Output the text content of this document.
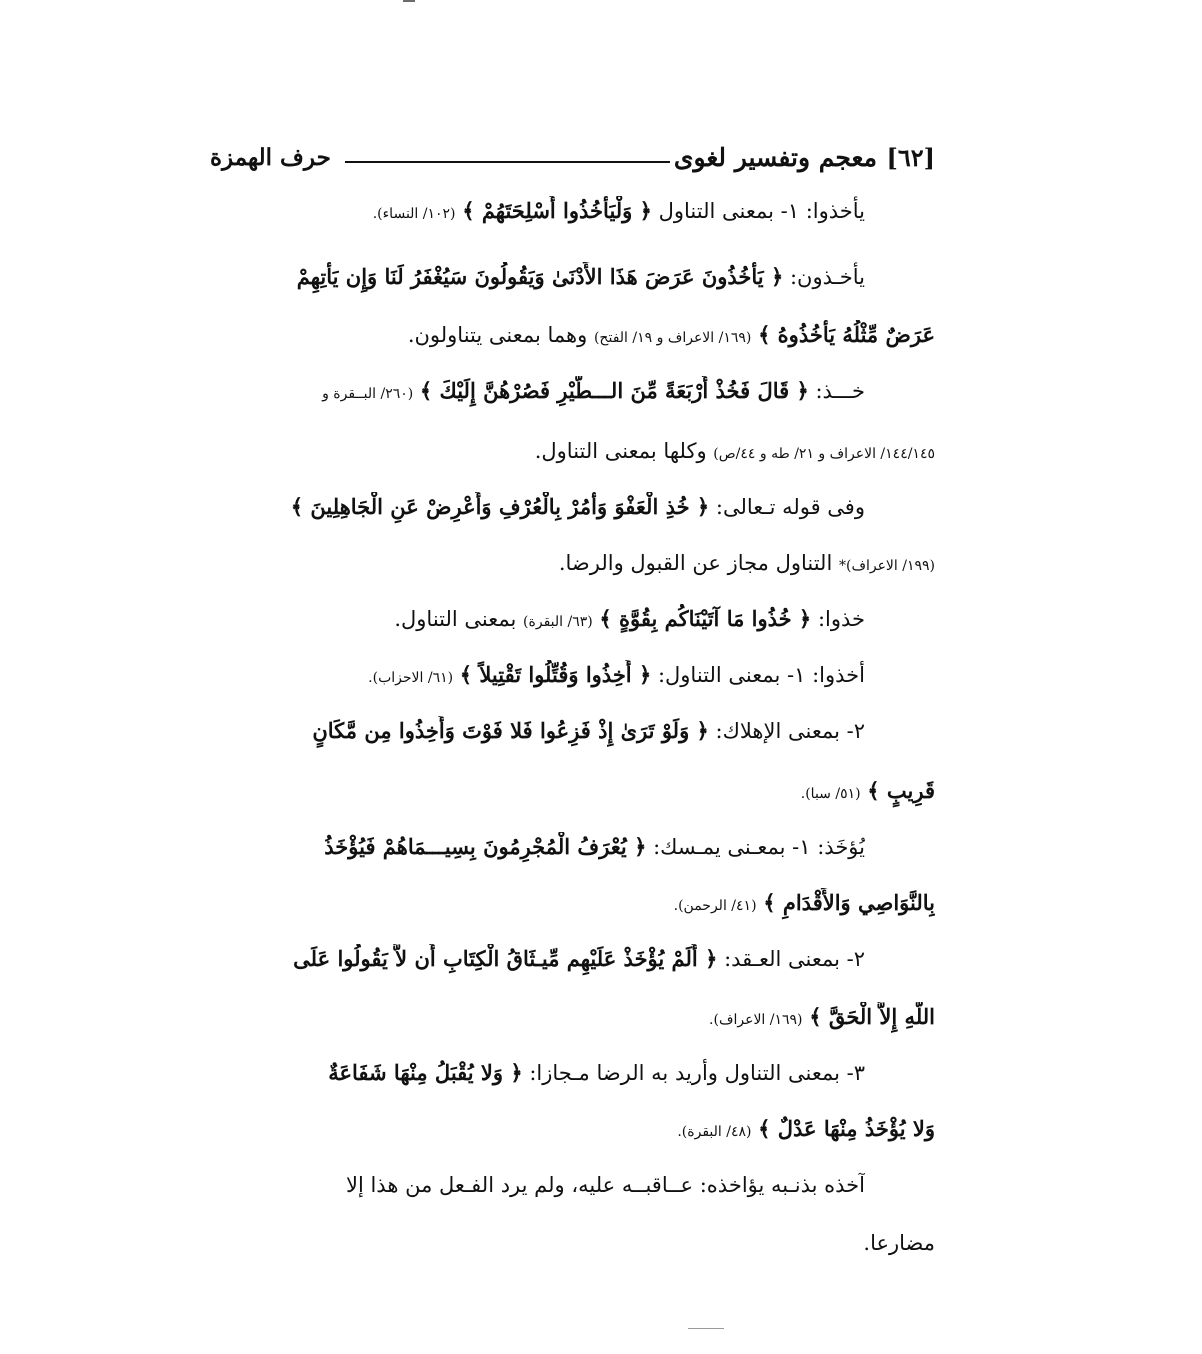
[٦٢]
معجم وتفسير لغوى
حرف الهمزة
يأخذوا: ١- بمعنى التناول ﴿ وَلْيَأْخُذُوا أَسْلِحَتَهُمْ ﴾ (١٠٢/ النساء).
يأخـذون: ﴿ يَأْخُذُونَ عَرَضَ هَذَا الأَدْنَىٰ وَيَقُولُونَ سَيُغْفَرُ لَنَا وَإِن يَأْتِهِمْ
عَرَضٌ مِّثْلُهُ يَأْخُذُوهُ ﴾ (١٦٩/ الاعراف و ١٩/ الفتح) وهما بمعنى يتناولون.
خـــذ: ﴿ قَالَ فَخُذْ أَرْبَعَةً مِّنَ الـــطَّيْرِ فَصُرْهُنَّ إِلَيْكَ ﴾ (٢٦٠/ البــقرة و
١٤٤/١٤٥/ الاعراف و ٢١/ طه و ٤٤/ص) وكلها بمعنى التناول.
وفى قوله تـعالى: ﴿ خُذِ الْعَفْوَ وَأْمُرْ بِالْعُرْفِ وَأَعْرِضْ عَنِ الْجَاهِلِينَ ﴾
(١٩٩/ الاعراف)* التناول مجاز عن القبول والرضا.
خذوا: ﴿ خُذُوا مَا آتَيْنَاكُم بِقُوَّةٍ ﴾ (٦٣/ البقرة) بمعنى التناول.
أخذوا: ١- بمعنى التناول: ﴿ أُخِذُوا وَقُتِّلُوا تَقْتِيلاً ﴾ (٦١/ الاحزاب).
٢- بمعنى الإهلاك: ﴿ وَلَوْ تَرَىٰ إِذْ فَزِعُوا فَلا فَوْتَ وَأُخِذُوا مِن مَّكَانٍ
قَرِيبٍ ﴾ (٥١/ سبا).
يُؤخَذ: ١- بمعـنى يمـسك: ﴿ يُعْرَفُ الْمُجْرِمُونَ بِسِيـــمَاهُمْ فَيُؤْخَذُ
بِالنَّوَاصِي وَالأَقْدَامِ ﴾ (٤١/ الرحمن).
٢- بمعنى العـقد: ﴿ أَلَمْ يُؤْخَذْ عَلَيْهِم مِّيـثَاقُ الْكِتَابِ أَن لاَّ يَقُولُوا عَلَى
اللَّهِ إِلاَّ الْحَقَّ ﴾ (١٦٩/ الاعراف).
٣- بمعنى التناول وأريد به الرضا مـجازا: ﴿ وَلا يُقْبَلُ مِنْهَا شَفَاعَةٌ
وَلا يُؤْخَذُ مِنْهَا عَدْلٌ ﴾ (٤٨/ البقرة).
آخذه بذنـبه يؤاخذه: عــاقبــه عليه، ولم يرد الفـعل من هذا إلا
مضارعا.
